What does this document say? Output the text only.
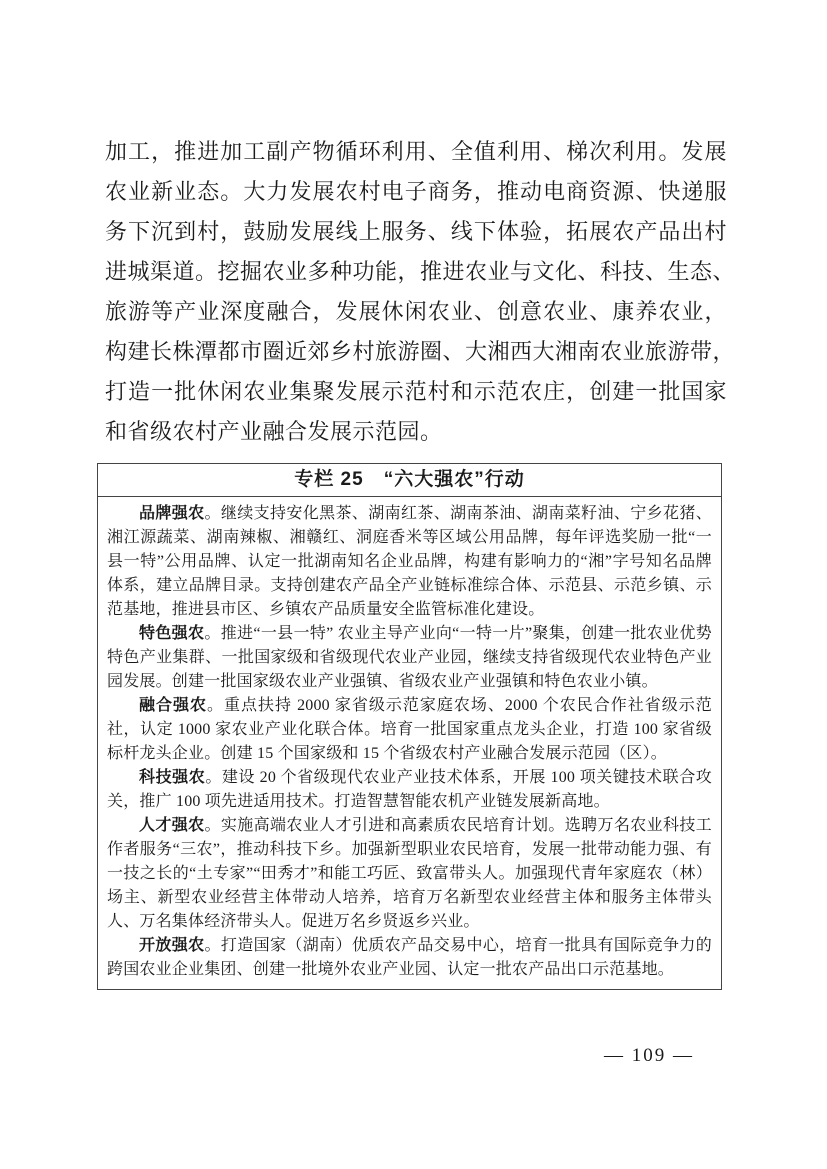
加工，推进加工副产物循环利用、全值利用、梯次利用。发展
农业新业态。大力发展农村电子商务，推动电商资源、快递服
务下沉到村，鼓励发展线上服务、线下体验，拓展农产品出村
进城渠道。挖掘农业多种功能，推进农业与文化、科技、生态、
旅游等产业深度融合，发展休闲农业、创意农业、康养农业，
构建长株潭都市圈近郊乡村旅游圈、大湘西大湘南农业旅游带，
打造一批休闲农业集聚发展示范村和示范农庄，创建一批国家
和省级农村产业融合发展示范园。
专栏 25　“六大强农”行动

品牌强农。继续支持安化黑茶、湖南红茶、湖南茶油、湖南菜籽油、宁乡花猪、湘江源蔬菜、湖南辣椒、湘赣红、洞庭香米等区域公用品牌，每年评选奖励一批“一县一特”公用品牌、认定一批湖南知名企业品牌，构建有影响力的“湘”字号知名品牌体系，建立品牌目录。支持创建农产品全产业链标准综合体、示范县、示范乡镇、示范基地，推进县市区、乡镇农产品质量安全监管标准化建设。

特色强农。推进“一县一特” 农业主导产业向“一特一片”聚集，创建一批农业优势特色产业集群、一批国家级和省级现代农业产业园，继续支持省级现代农业特色产业园发展。创建一批国家级农业产业强镇、省级农业产业强镇和特色农业小镇。

融合强农。重点扶持 2000 家省级示范家庭农场、2000 个农民合作社省级示范社，认定 1000 家农业产业化联合体。培育一批国家重点龙头企业，打造 100 家省级标杆龙头企业。创建 15 个国家级和 15 个省级农村产业融合发展示范园（区）。

科技强农。建设 20 个省级现代农业产业技术体系，开展 100 项关键技术联合攻关，推广 100 项先进适用技术。打造智慧智能农机产业链发展新高地。

人才强农。实施高端农业人才引进和高素质农民培育计划。选聘万名农业科技工作者服务“三农”，推动科技下乡。加强新型职业农民培育，发展一批带动能力强、有一技之长的“土专家”“田秀才”和能工巧匠、致富带头人。加强现代青年家庭农（林）场主、新型农业经营主体带动人培养，培育万名新型农业经营主体和服务主体带头人、万名集体经济带头人。促进万名乡贤返乡兴业。

开放强农。打造国家（湖南）优质农产品交易中心，培育一批具有国际竞争力的跨国农业企业集团、创建一批境外农业产业园、认定一批农产品出口示范基地。

— 109 —
